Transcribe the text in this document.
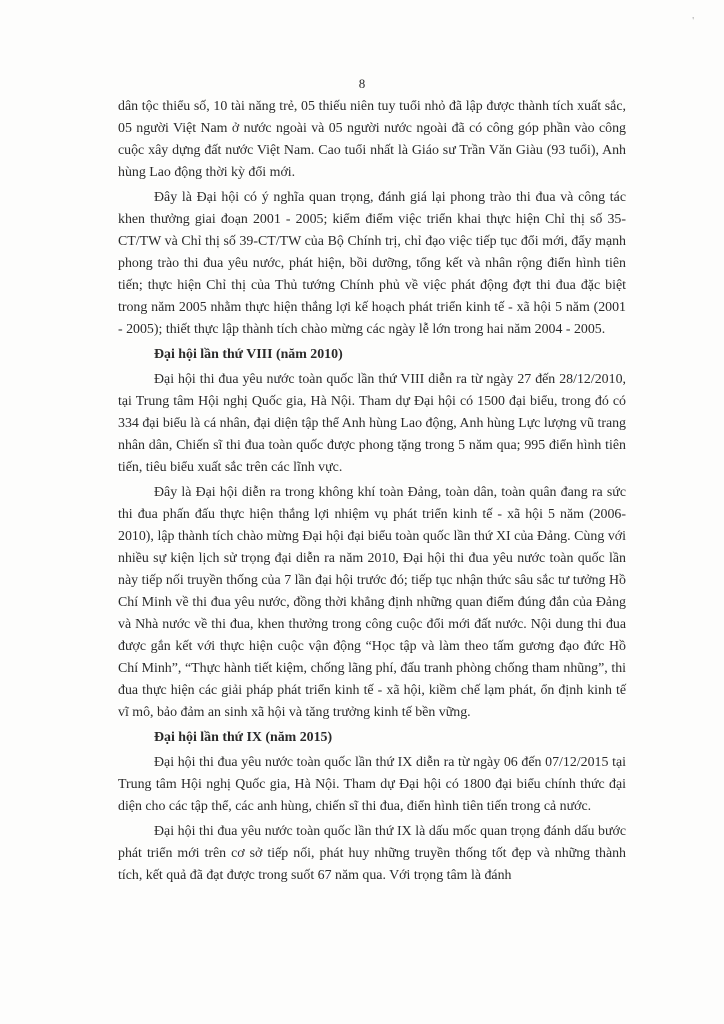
'
8

dân tộc thiểu số, 10 tài năng trẻ, 05 thiếu niên tuy tuổi nhỏ đã lập được thành tích xuất sắc, 05 người Việt Nam ở nước ngoài và 05 người nước ngoài đã có công góp phần vào công cuộc xây dựng đất nước Việt Nam. Cao tuổi nhất là Giáo sư Trần Văn Giàu (93 tuổi), Anh hùng Lao động thời kỳ đổi mới.

Đây là Đại hội có ý nghĩa quan trọng, đánh giá lại phong trào thi đua và công tác khen thưởng giai đoạn 2001 - 2005; kiểm điểm việc triển khai thực hiện Chỉ thị số 35-CT/TW và Chỉ thị số 39-CT/TW của Bộ Chính trị, chỉ đạo việc tiếp tục đổi mới, đẩy mạnh phong trào thi đua yêu nước, phát hiện, bồi dưỡng, tổng kết và nhân rộng điển hình tiên tiến; thực hiện Chỉ thị của Thủ tướng Chính phủ về việc phát động đợt thi đua đặc biệt trong năm 2005 nhằm thực hiện thắng lợi kế hoạch phát triển kinh tế - xã hội 5 năm (2001 - 2005); thiết thực lập thành tích chào mừng các ngày lễ lớn trong hai năm 2004 - 2005.

Đại hội lần thứ VIII (năm 2010)

Đại hội thi đua yêu nước toàn quốc lần thứ VIII diễn ra từ ngày 27 đến 28/12/2010, tại Trung tâm Hội nghị Quốc gia, Hà Nội. Tham dự Đại hội có 1500 đại biểu, trong đó có 334 đại biểu là cá nhân, đại diện tập thể Anh hùng Lao động, Anh hùng Lực lượng vũ trang nhân dân, Chiến sĩ thi đua toàn quốc được phong tặng trong 5 năm qua; 995 điển hình tiên tiến, tiêu biểu xuất sắc trên các lĩnh vực.

Đây là Đại hội diễn ra trong không khí toàn Đảng, toàn dân, toàn quân đang ra sức thi đua phấn đấu thực hiện thắng lợi nhiệm vụ phát triển kinh tế - xã hội 5 năm (2006-2010), lập thành tích chào mừng Đại hội đại biểu toàn quốc lần thứ XI của Đảng. Cùng với nhiều sự kiện lịch sử trọng đại diễn ra năm 2010, Đại hội thi đua yêu nước toàn quốc lần này tiếp nối truyền thống của 7 lần đại hội trước đó; tiếp tục nhận thức sâu sắc tư tưởng Hồ Chí Minh về thi đua yêu nước, đồng thời khẳng định những quan điểm đúng đắn của Đảng và Nhà nước về thi đua, khen thưởng trong công cuộc đổi mới đất nước. Nội dung thi đua được gắn kết với thực hiện cuộc vận động “Học tập và làm theo tấm gương đạo đức Hồ Chí Minh”, “Thực hành tiết kiệm, chống lãng phí, đấu tranh phòng chống tham nhũng”, thi đua thực hiện các giải pháp phát triển kinh tế - xã hội, kiềm chế lạm phát, ổn định kinh tế vĩ mô, bảo đảm an sinh xã hội và tăng trưởng kinh tế bền vững.

Đại hội lần thứ IX (năm 2015)

Đại hội thi đua yêu nước toàn quốc lần thứ IX diễn ra từ ngày 06 đến 07/12/2015 tại Trung tâm Hội nghị Quốc gia, Hà Nội. Tham dự Đại hội có 1800 đại biểu chính thức đại diện cho các tập thể, các anh hùng, chiến sĩ thi đua, điển hình tiên tiến trong cả nước.

Đại hội thi đua yêu nước toàn quốc lần thứ IX là dấu mốc quan trọng đánh dấu bước phát triển mới trên cơ sở tiếp nối, phát huy những truyền thống tốt đẹp và những thành tích, kết quả đã đạt được trong suốt 67 năm qua. Với trọng tâm là đánh
